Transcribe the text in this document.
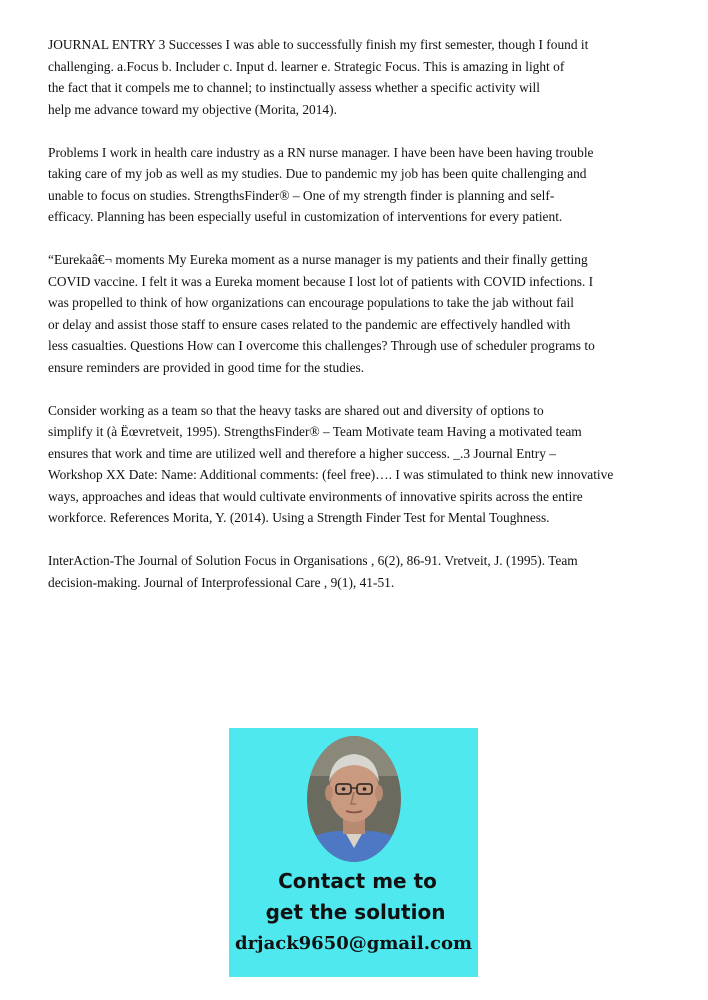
JOURNAL ENTRY 3 Successes I was able to successfully finish my first semester, though I found it
challenging. a.Focus b. Includer c. Input d. learner e. Strategic Focus. This is amazing in light of
the fact that it compels me to channel; to instinctually assess whether a specific activity will
help me advance toward my objective (Morita, 2014).

Problems I work in health care industry as a RN nurse manager. I have been have been having trouble
taking care of my job as well as my studies. Due to pandemic my job has been quite challenging and
unable to focus on studies. StrengthsFinder® – One of my strength finder is planning and self-
efficacy. Planning has been especially useful in customization of interventions for every patient.

“Eurekaâ€¬ moments My Eureka moment as a nurse manager is my patients and their finally getting
COVID vaccine. I felt it was a Eureka moment because I lost lot of patients with COVID infections. I
was propelled to think of how organizations can encourage populations to take the jab without fail
or delay and assist those staff to ensure cases related to the pandemic are effectively handled with
less casualties. Questions How can I overcome this challenges? Through use of scheduler programs to
ensure reminders are provided in good time for the studies.

Consider working as a team so that the heavy tasks are shared out and diversity of options to
simplify it (à Ëœvretveit, 1995). StrengthsFinder® – Team Motivate team Having a motivated team
ensures that work and time are utilized well and therefore a higher success. _.3 Journal Entry –
Workshop XX Date: Name: Additional comments: (feel free)…. I was stimulated to think new innovative
ways, approaches and ideas that would cultivate environments of innovative spirits across the entire
workforce. References Morita, Y. (2014). Using a Strength Finder Test for Mental Toughness.

InterAction-The Journal of Solution Focus in Organisations , 6(2), 86-91. Vretveit, J. (1995). Team
decision-making. Journal of Interprofessional Care , 9(1), 41-51.

Contact me to
get the solution
drjack9650@gmail.com
